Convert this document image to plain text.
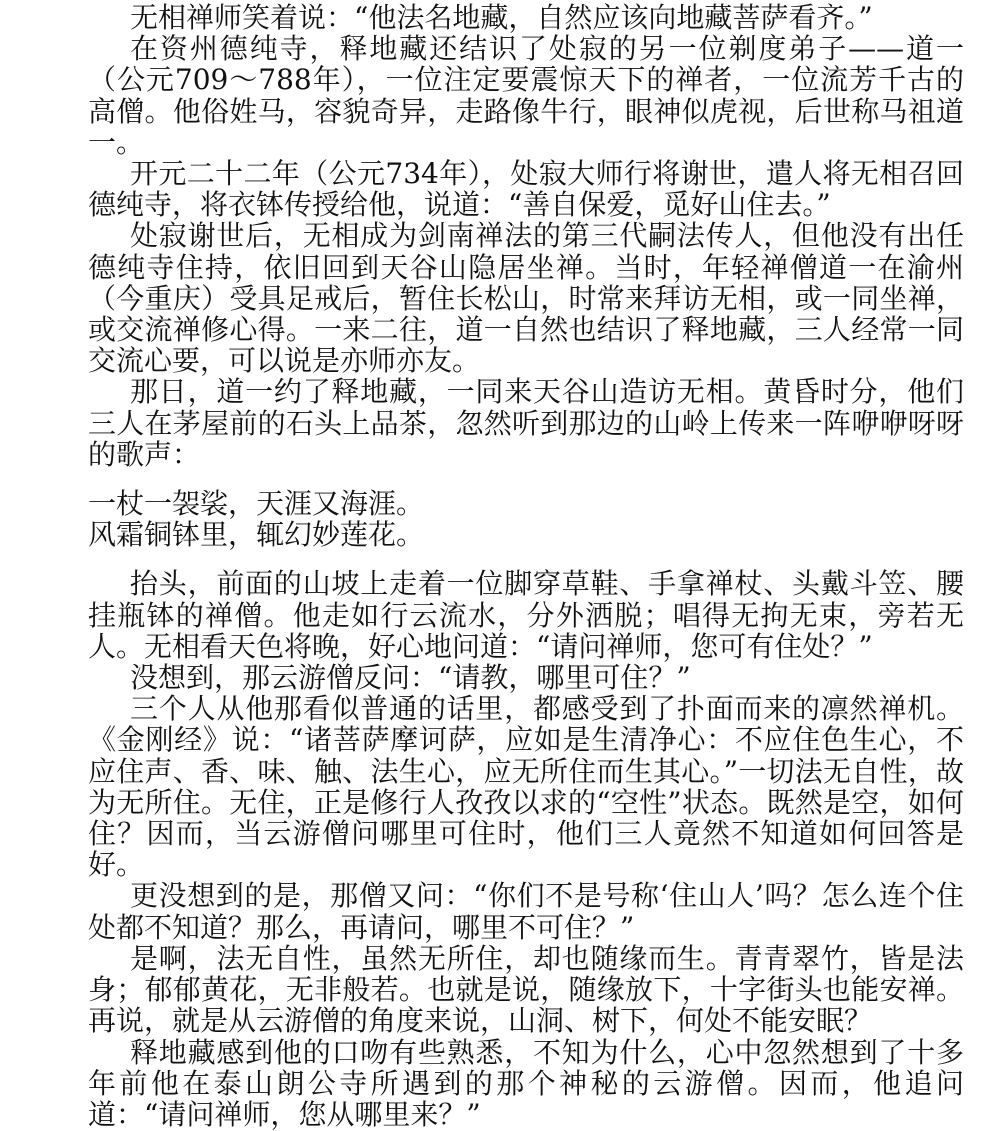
无相禅师笑着说：“他法名地藏，自然应该向地藏菩萨看齐。”

在资州德纯寺，释地藏还结识了处寂的另一位剃度弟子——道一（公元709～788年），一位注定要震惊天下的禅者，一位流芳千古的高僧。他俗姓马，容貌奇异，走路像牛行，眼神似虎视，后世称马祖道一。

开元二十二年（公元734年），处寂大师行将谢世，遣人将无相召回德纯寺，将衣钵传授给他，说道：“善自保爱，觅好山住去。”

处寂谢世后，无相成为剑南禅法的第三代嗣法传人，但他没有出任德纯寺住持，依旧回到天谷山隐居坐禅。当时，年轻禅僧道一在渝州（今重庆）受具足戒后，暂住长松山，时常来拜访无相，或一同坐禅，或交流禅修心得。一来二往，道一自然也结识了释地藏，三人经常一同交流心要，可以说是亦师亦友。

那日，道一约了释地藏，一同来天谷山造访无相。黄昏时分，他们三人在茅屋前的石头上品茶，忽然听到那边的山岭上传来一阵咿咿呀呀的歌声：

一杖一袈裟，天涯又海涯。
风霜铜钵里，辄幻妙莲花。

抬头，前面的山坡上走着一位脚穿草鞋、手拿禅杖、头戴斗笠、腰挂瓶钵的禅僧。他走如行云流水，分外洒脱；唱得无拘无束，旁若无人。无相看天色将晚，好心地问道：“请问禅师，您可有住处？”

没想到，那云游僧反问：“请教，哪里可住？”

三个人从他那看似普通的话里，都感受到了扑面而来的凛然禅机。《金刚经》说：“诸菩萨摩诃萨，应如是生清净心：不应住色生心，不应住声、香、味、触、法生心，应无所住而生其心。”一切法无自性，故为无所住。无住，正是修行人孜孜以求的“空性”状态。既然是空，如何住？因而，当云游僧问哪里可住时，他们三人竟然不知道如何回答是好。

更没想到的是，那僧又问：“你们不是号称‘住山人’吗？怎么连个住处都不知道？那么，再请问，哪里不可住？”

是啊，法无自性，虽然无所住，却也随缘而生。青青翠竹，皆是法身；郁郁黄花，无非般若。也就是说，随缘放下，十字街头也能安禅。再说，就是从云游僧的角度来说，山洞、树下，何处不能安眠？

释地藏感到他的口吻有些熟悉，不知为什么，心中忽然想到了十多年前他在泰山朗公寺所遇到的那个神秘的云游僧。因而，他追问道：“请问禅师，您从哪里来？”
